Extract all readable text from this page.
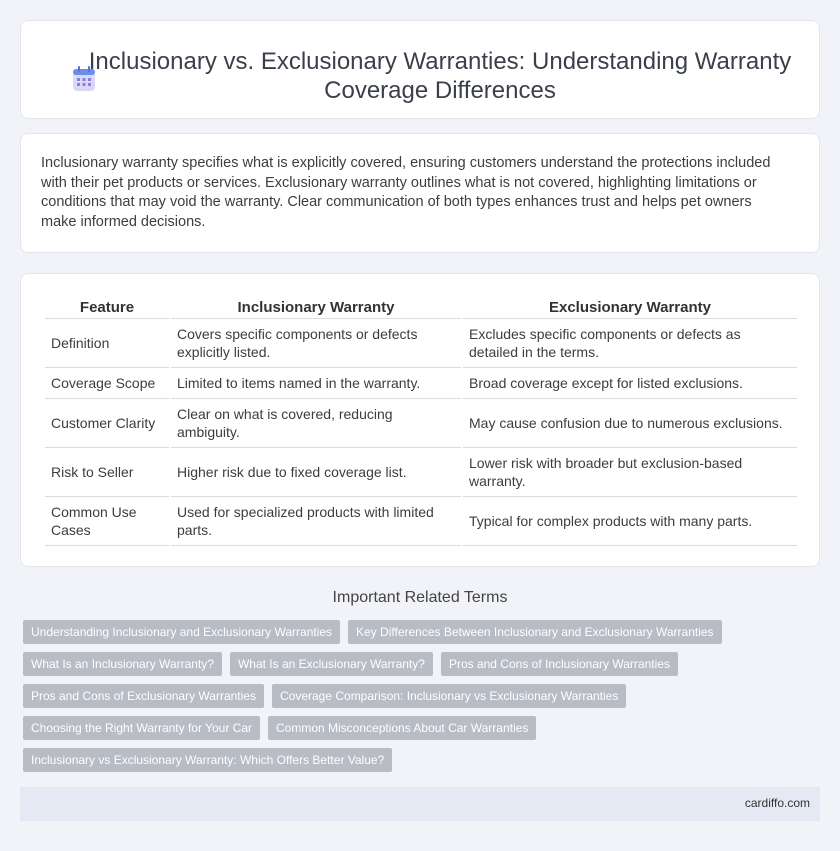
Inclusionary vs. Exclusionary Warranties: Understanding Warranty Coverage Differences

Inclusionary warranty specifies what is explicitly covered, ensuring customers understand the protections included with their pet products or services. Exclusionary warranty outlines what is not covered, highlighting limitations or conditions that may void the warranty. Clear communication of both types enhances trust and helps pet owners make informed decisions.

Feature	Inclusionary Warranty	Exclusionary Warranty
Definition	Covers specific components or defects explicitly listed.	Excludes specific components or defects as detailed in the terms.
Coverage Scope	Limited to items named in the warranty.	Broad coverage except for listed exclusions.
Customer Clarity	Clear on what is covered, reducing ambiguity.	May cause confusion due to numerous exclusions.
Risk to Seller	Higher risk due to fixed coverage list.	Lower risk with broader but exclusion-based warranty.
Common Use Cases	Used for specialized products with limited parts.	Typical for complex products with many parts.
Important Related Terms
Understanding Inclusionary and Exclusionary Warranties	Key Differences Between Inclusionary and Exclusionary Warranties
What Is an Inclusionary Warranty?	What Is an Exclusionary Warranty?	Pros and Cons of Inclusionary Warranties
Pros and Cons of Exclusionary Warranties	Coverage Comparison: Inclusionary vs Exclusionary Warranties
Choosing the Right Warranty for Your Car	Common Misconceptions About Car Warranties
Inclusionary vs Exclusionary Warranty: Which Offers Better Value?
cardiffo.com
